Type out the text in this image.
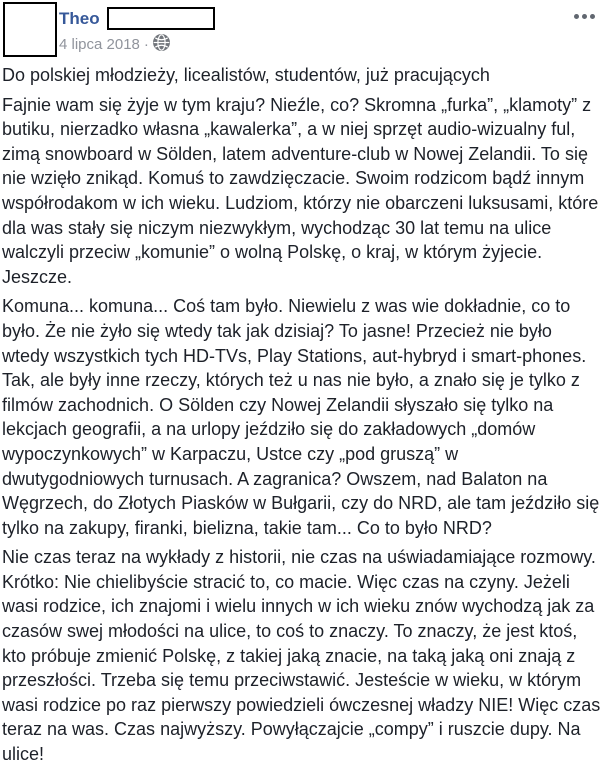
Theo
4 lipca 2018 ·

Do polskiej młodzieży, licealistów, studentów, już pracujących

Fajnie wam się żyje w tym kraju? Nieźle, co? Skromna „furka”, „klamoty” z butiku, nierzadko własna „kawalerka”, a w niej sprzęt audio-wizualny ful, zimą snowboard w Sölden, latem adventure-club w Nowej Zelandii. To się nie wzięło znikąd. Komuś to zawdzięczacie. Swoim rodzicom bądź innym współrodakom w ich wieku. Ludziom, którzy nie obarczeni luksusami, które dla was stały się niczym niezwykłym, wychodząc 30 lat temu na ulice walczyli przeciw „komunie” o wolną Polskę, o kraj, w którym żyjecie. Jeszcze.

Komuna... komuna... Coś tam było. Niewielu z was wie dokładnie, co to było. Że nie żyło się wtedy tak jak dzisiaj? To jasne! Przecież nie było wtedy wszystkich tych HD-TVs, Play Stations, aut-hybryd i smart-phones. Tak, ale były inne rzeczy, których też u nas nie było, a znało się je tylko z filmów zachodnich. O Sölden czy Nowej Zelandii słyszało się tylko na lekcjach geografii, a na urlopy jeździło się do zakładowych „domów wypoczynkowych” w Karpaczu, Ustce czy „pod gruszą” w dwutygodniowych turnusach. A zagranica? Owszem, nad Balaton na Węgrzech, do Złotych Piasków w Bułgarii, czy do NRD, ale tam jeździło się tylko na zakupy, firanki, bielizna, takie tam... Co to było NRD?

Nie czas teraz na wykłady z historii, nie czas na uświadamiające rozmowy. Krótko: Nie chielibyście stracić to, co macie. Więc czas na czyny. Jeżeli wasi rodzice, ich znajomi i wielu innych w ich wieku znów wychodzą jak za czasów swej młodości na ulice, to coś to znaczy. To znaczy, że jest ktoś, kto próbuje zmienić Polskę, z takiej jaką znacie, na taką jaką oni znają z przeszłości. Trzeba się temu przeciwstawić. Jesteście w wieku, w którym wasi rodzice po raz pierwszy powiedzieli ówczesnej władzy NIE! Więc czas teraz na was. Czas najwyższy. Powyłączajcie „compy” i ruszcie dupy. Na ulice!
